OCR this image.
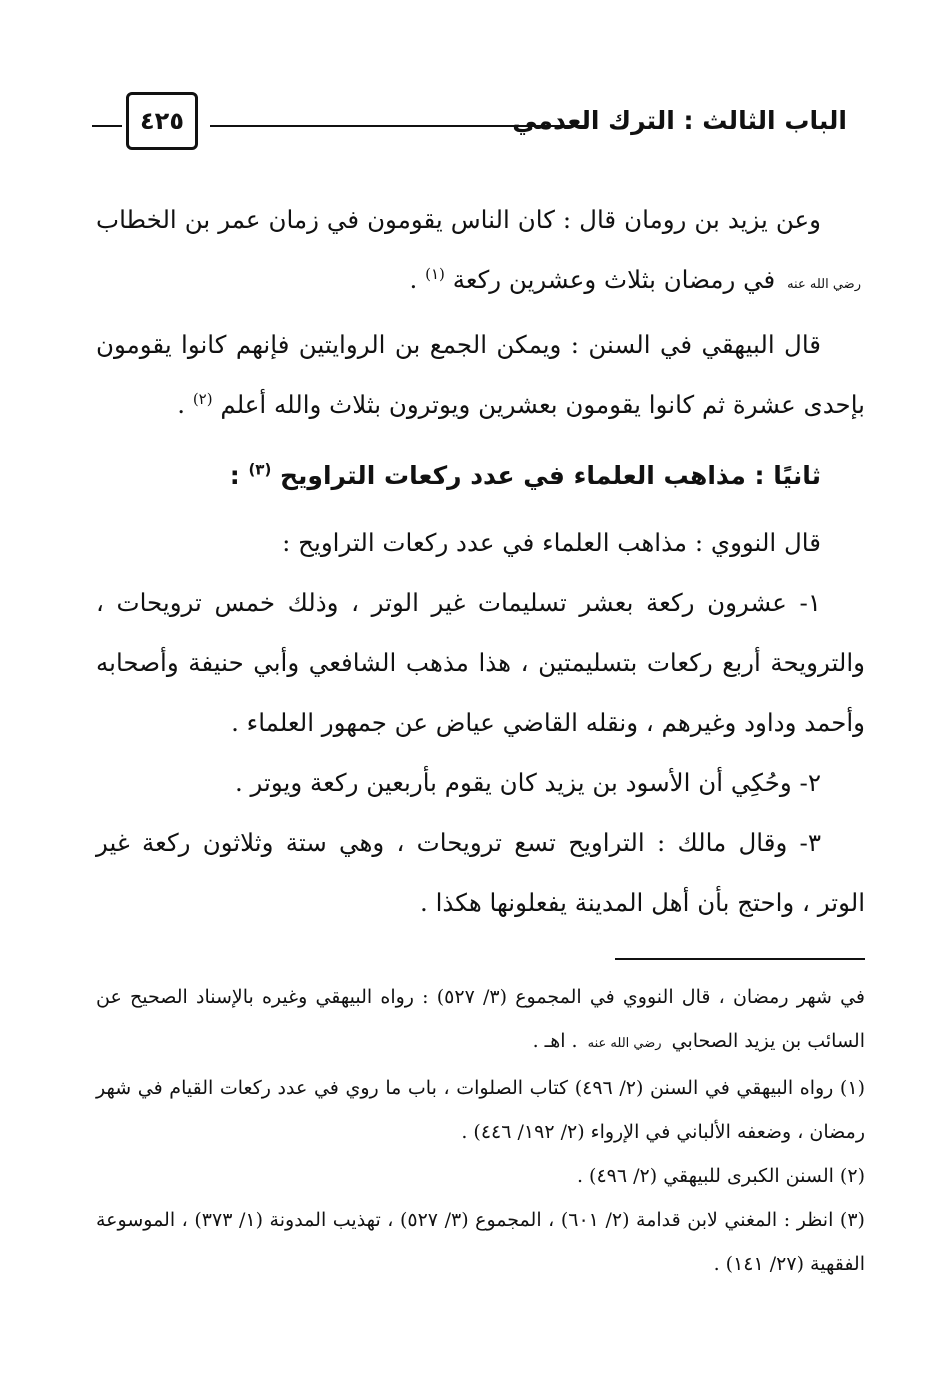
الباب الثالث : الترك العدمي
٤٢٥

وعن يزيد بن رومان قال : كان الناس يقومون في زمان عمر بن الخطاب رضي الله عنه في رمضان بثلاث وعشرين ركعة $^{(١)}$ .

قال البيهقي في السنن : ويمكن الجمع بن الروايتين فإنهم كانوا يقومون بإحدى عشرة ثم كانوا يقومون بعشرين ويوترون بثلاث والله أعلم $^{(٢)}$ .

ثانيًا : مذاهب العلماء في عدد ركعات التراويح $^{(٣)}$ :

قال النووي : مذاهب العلماء في عدد ركعات التراويح :

١- عشرون ركعة بعشر تسليمات غير الوتر ، وذلك خمس ترويحات ، والترويحة أربع ركعات بتسليمتين ، هذا مذهب الشافعي وأبي حنيفة وأصحابه وأحمد وداود وغيرهم ، ونقله القاضي عياض عن جمهور العلماء .

٢- وحُكِي أن الأسود بن يزيد كان يقوم بأربعين ركعة ويوتر .

٣- وقال مالك : التراويح تسع ترويحات ، وهي ستة وثلاثون ركعة غير الوتر ، واحتج بأن أهل المدينة يفعلونها هكذا .

في شهر رمضان ، قال النووي في المجموع (٣/ ٥٢٧) : رواه البيهقي وغيره بالإسناد الصحيح عن السائب بن يزيد الصحابي رضي الله عنه . اهـ .

(١) رواه البيهقي في السنن (٢/ ٤٩٦) كتاب الصلوات ، باب ما روي في عدد ركعات القيام في شهر رمضان ، وضعفه الألباني في الإرواء (٢/ ١٩٢/ ٤٤٦) .

(٢) السنن الكبرى للبيهقي (٢/ ٤٩٦) .

(٣) انظر : المغني لابن قدامة (٢/ ٦٠١) ، المجموع (٣/ ٥٢٧) ، تهذيب المدونة (١/ ٣٧٣) ، الموسوعة الفقهية (٢٧/ ١٤١) .
